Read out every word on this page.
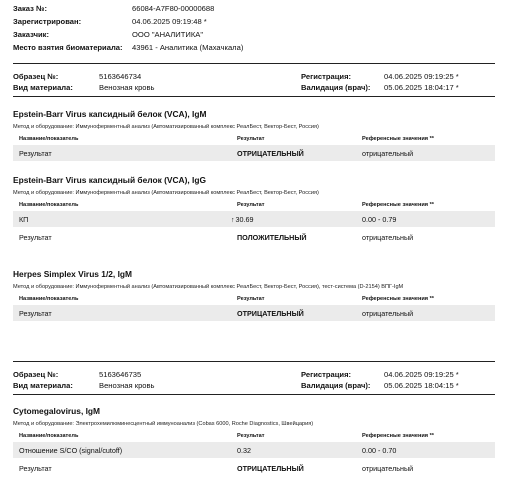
Заказ №:	66084-A7F80-00000688
Зарегистрирован:	04.06.2025 09:19:48 *
Заказчик:	ООО "АНАЛИТИКА"
Место взятия биоматериала: 43961 - Аналитика (Махачкала)
Образец №:	5163646734	Регистрация:	04.06.2025 09:19:25 *
Вид материала:	Венозная кровь	Валидация (врач): 05.06.2025 18:04:17 *
Epstein-Barr Virus капсидный белок (VCA), IgM
Метод и оборудование: Иммуноферментный анализ (Автоматизированный комплекс РеалБест, Вектор-Бест, Россия)
Название/показатель	Результат	Референсные значения **
Результат	ОТРИЦАТЕЛЬНЫЙ	отрицательный
Epstein-Barr Virus капсидный белок (VCA), IgG
Метод и оборудование: Иммуноферментный анализ (Автоматизированный комплекс РеалБест, Вектор-Бест, Россия)
Название/показатель	Результат	Референсные значения **
КП	↑30.69	0.00 - 0.79
Результат	ПОЛОЖИТЕЛЬНЫЙ	отрицательный
Herpes Simplex Virus 1/2, IgM
Метод и оборудование: Иммуноферментный анализ (Автоматизированный комплекс РеалБест, Вектор-Бест, Россия), тест-система (D-2154) ВПГ-IgM
Название/показатель	Результат	Референсные значения **
Результат	ОТРИЦАТЕЛЬНЫЙ	отрицательный
Образец №:	5163646735	Регистрация:	04.06.2025 09:19:25 *
Вид материала:	Венозная кровь	Валидация (врач): 05.06.2025 18:04:15 *
Cytomegalovirus, IgM
Метод и оборудование: Электрохемилюминесцентный иммуноанализ (Cobas 6000, Roche Diagnostics, Швейцария)
Название/показатель	Результат	Референсные значения **
Отношение S/CO (signal/cutoff)	0.32	0.00 - 0.70
Результат	ОТРИЦАТЕЛЬНЫЙ	отрицательный
